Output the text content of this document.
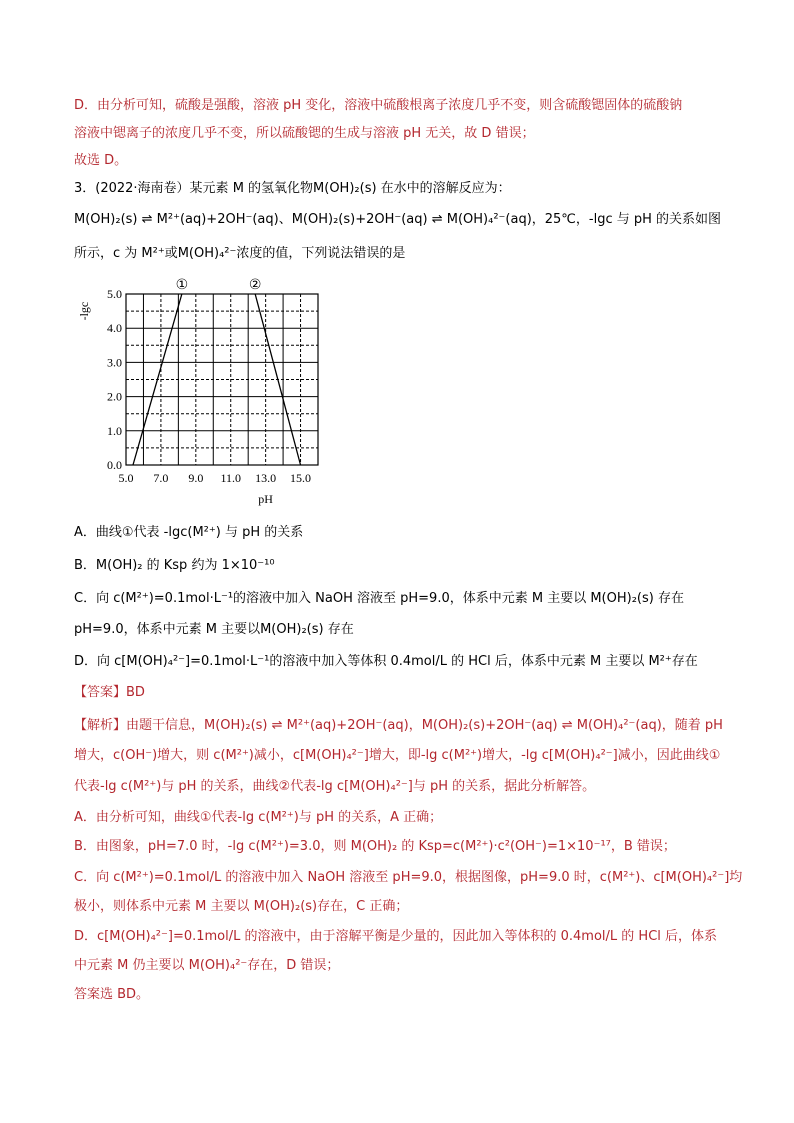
D．由分析可知，硫酸是强酸，溶液 pH 变化，溶液中硫酸根离子浓度几乎不变，则含硫酸锶固体的硫酸钠
溶液中锶离子的浓度几乎不变，所以硫酸锶的生成与溶液 pH 无关，故 D 错误；
故选 D。
3．(2022·海南卷）某元素 M 的氢氧化物M(OH)₂(s) 在水中的溶解反应为：
M(OH)₂(s) ⇌ M²⁺(aq)+2OH⁻(aq)、M(OH)₂(s)+2OH⁻(aq) ⇌ M(OH)₄²⁻(aq)，25℃，-lgc 与 pH 的关系如图
所示，c 为 M²⁺或M(OH)₄²⁻浓度的值，下列说法错误的是
5.0 7.0 9.0 11.0 13.0 15.0
0.0
1.0
2.0
3.0
4.0
5.0
pH
-lgc
①	②
A．曲线①代表 -lgc(M²⁺) 与 pH 的关系
B．M(OH)₂ 的 Ksp 约为 1×10⁻¹⁰
C．向 c(M²⁺)=0.1mol·L⁻¹的溶液中加入 NaOH 溶液至 pH=9.0，体系中元素 M 主要以 M(OH)₂(s) 存在
pH=9.0，体系中元素 M 主要以M(OH)₂(s) 存在
D．向 c[M(OH)₄²⁻]=0.1mol·L⁻¹的溶液中加入等体积 0.4mol/L 的 HCl 后，体系中元素 M 主要以 M²⁺存在
【答案】BD
【解析】由题干信息，M(OH)₂(s) ⇌ M²⁺(aq)+2OH⁻(aq)，M(OH)₂(s)+2OH⁻(aq) ⇌ M(OH)₄²⁻(aq)，随着 pH
增大，c(OH⁻)增大，则 c(M²⁺)减小，c[M(OH)₄²⁻]增大，即-lg c(M²⁺)增大，-lg c[M(OH)₄²⁻]减小，因此曲线①
代表-lg c(M²⁺)与 pH 的关系，曲线②代表-lg c[M(OH)₄²⁻]与 pH 的关系，据此分析解答。
A．由分析可知，曲线①代表-lg c(M²⁺)与 pH 的关系，A 正确；
B．由图象，pH=7.0 时，-lg c(M²⁺)=3.0，则 M(OH)₂ 的 Ksp=c(M²⁺)·c²(OH⁻)=1×10⁻¹⁷，B 错误；
C．向 c(M²⁺)=0.1mol/L 的溶液中加入 NaOH 溶液至 pH=9.0，根据图像，pH=9.0 时，c(M²⁺)、c[M(OH)₄²⁻]均
极小，则体系中元素 M 主要以 M(OH)₂(s)存在，C 正确；
D．c[M(OH)₄²⁻]=0.1mol/L 的溶液中，由于溶解平衡是少量的，因此加入等体积的 0.4mol/L 的 HCl 后，体系
中元素 M 仍主要以 M(OH)₄²⁻存在，D 错误；
答案选 BD。
